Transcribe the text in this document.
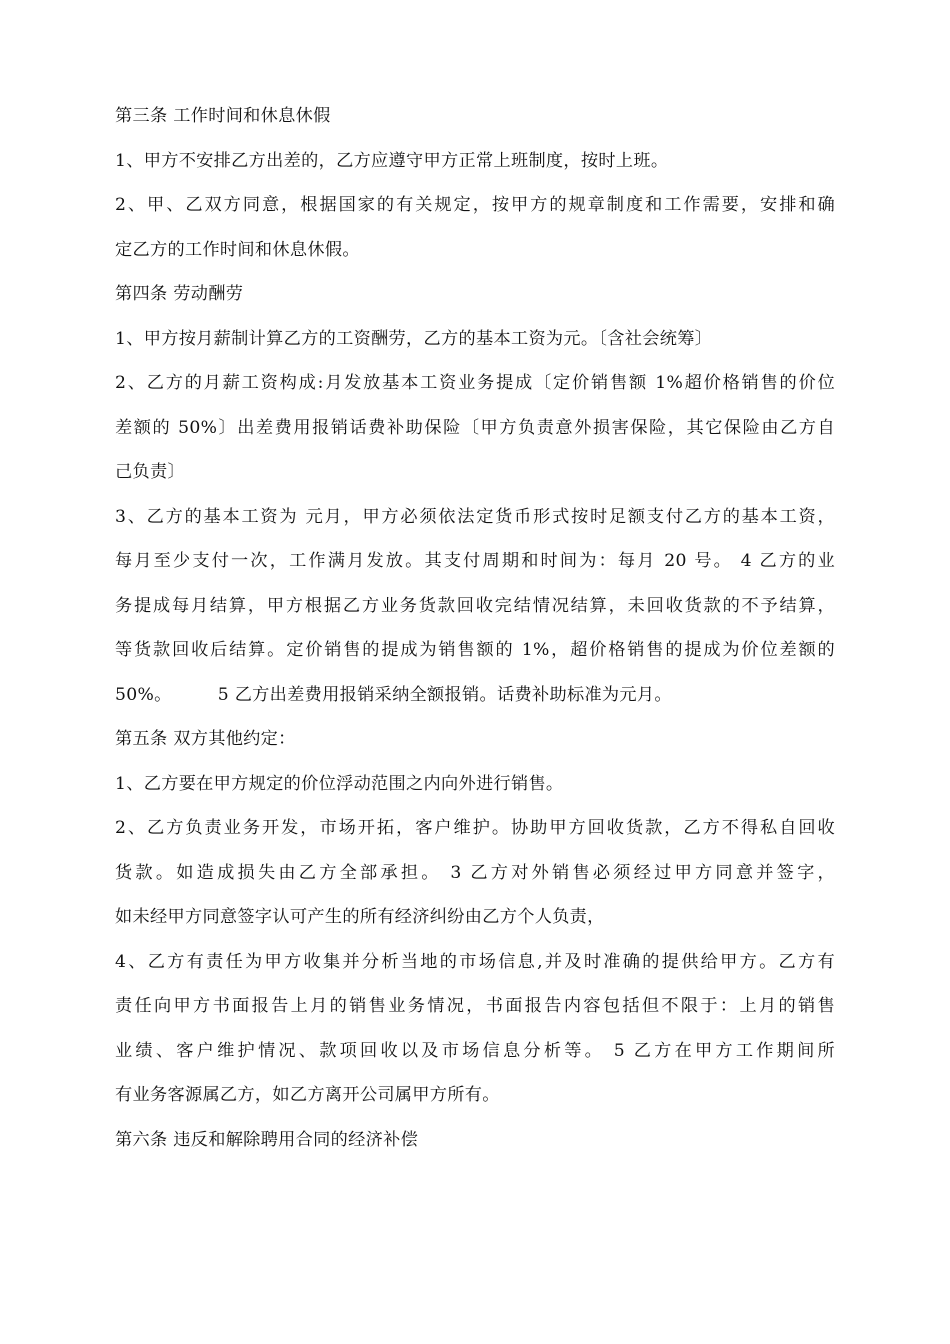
第三条 工作时间和休息休假
1、甲方不安排乙方出差的，乙方应遵守甲方正常上班制度，按时上班。
2、甲、乙双方同意，根据国家的有关规定，按甲方的规章制度和工作需要，安排和确
定乙方的工作时间和休息休假。
第四条 劳动酬劳
1、甲方按月薪制计算乙方的工资酬劳，乙方的基本工资为元。〔含社会统筹〕
2、乙方的月薪工资构成:月发放基本工资业务提成〔定价销售额 1%超价格销售的价位
差额的 50%〕出差费用报销话费补助保险〔甲方负责意外损害保险，其它保险由乙方自
己负责〕
3、乙方的基本工资为 元月，甲方必须依法定货币形式按时足额支付乙方的基本工资，
每月至少支付一次，工作满月发放。其支付周期和时间为：每月 20 号。 4 乙方的业
务提成每月结算，甲方根据乙方业务货款回收完结情况结算，未回收货款的不予结算，
等货款回收后结算。定价销售的提成为销售额的 1%，超价格销售的提成为价位差额的
50%。        5 乙方出差费用报销采纳全额报销。话费补助标准为元月。
第五条 双方其他约定：
1、乙方要在甲方规定的价位浮动范围之内向外进行销售。
2、乙方负责业务开发，市场开拓，客户维护。协助甲方回收货款，乙方不得私自回收
货款。如造成损失由乙方全部承担。 3 乙方对外销售必须经过甲方同意并签字，
如未经甲方同意签字认可产生的所有经济纠纷由乙方个人负责，
4、乙方有责任为甲方收集并分析当地的市场信息,并及时准确的提供给甲方。乙方有
责任向甲方书面报告上月的销售业务情况，书面报告内容包括但不限于：上月的销售
业绩、客户维护情况、款项回收以及市场信息分析等。 5 乙方在甲方工作期间所
有业务客源属乙方，如乙方离开公司属甲方所有。
第六条 违反和解除聘用合同的经济补偿
